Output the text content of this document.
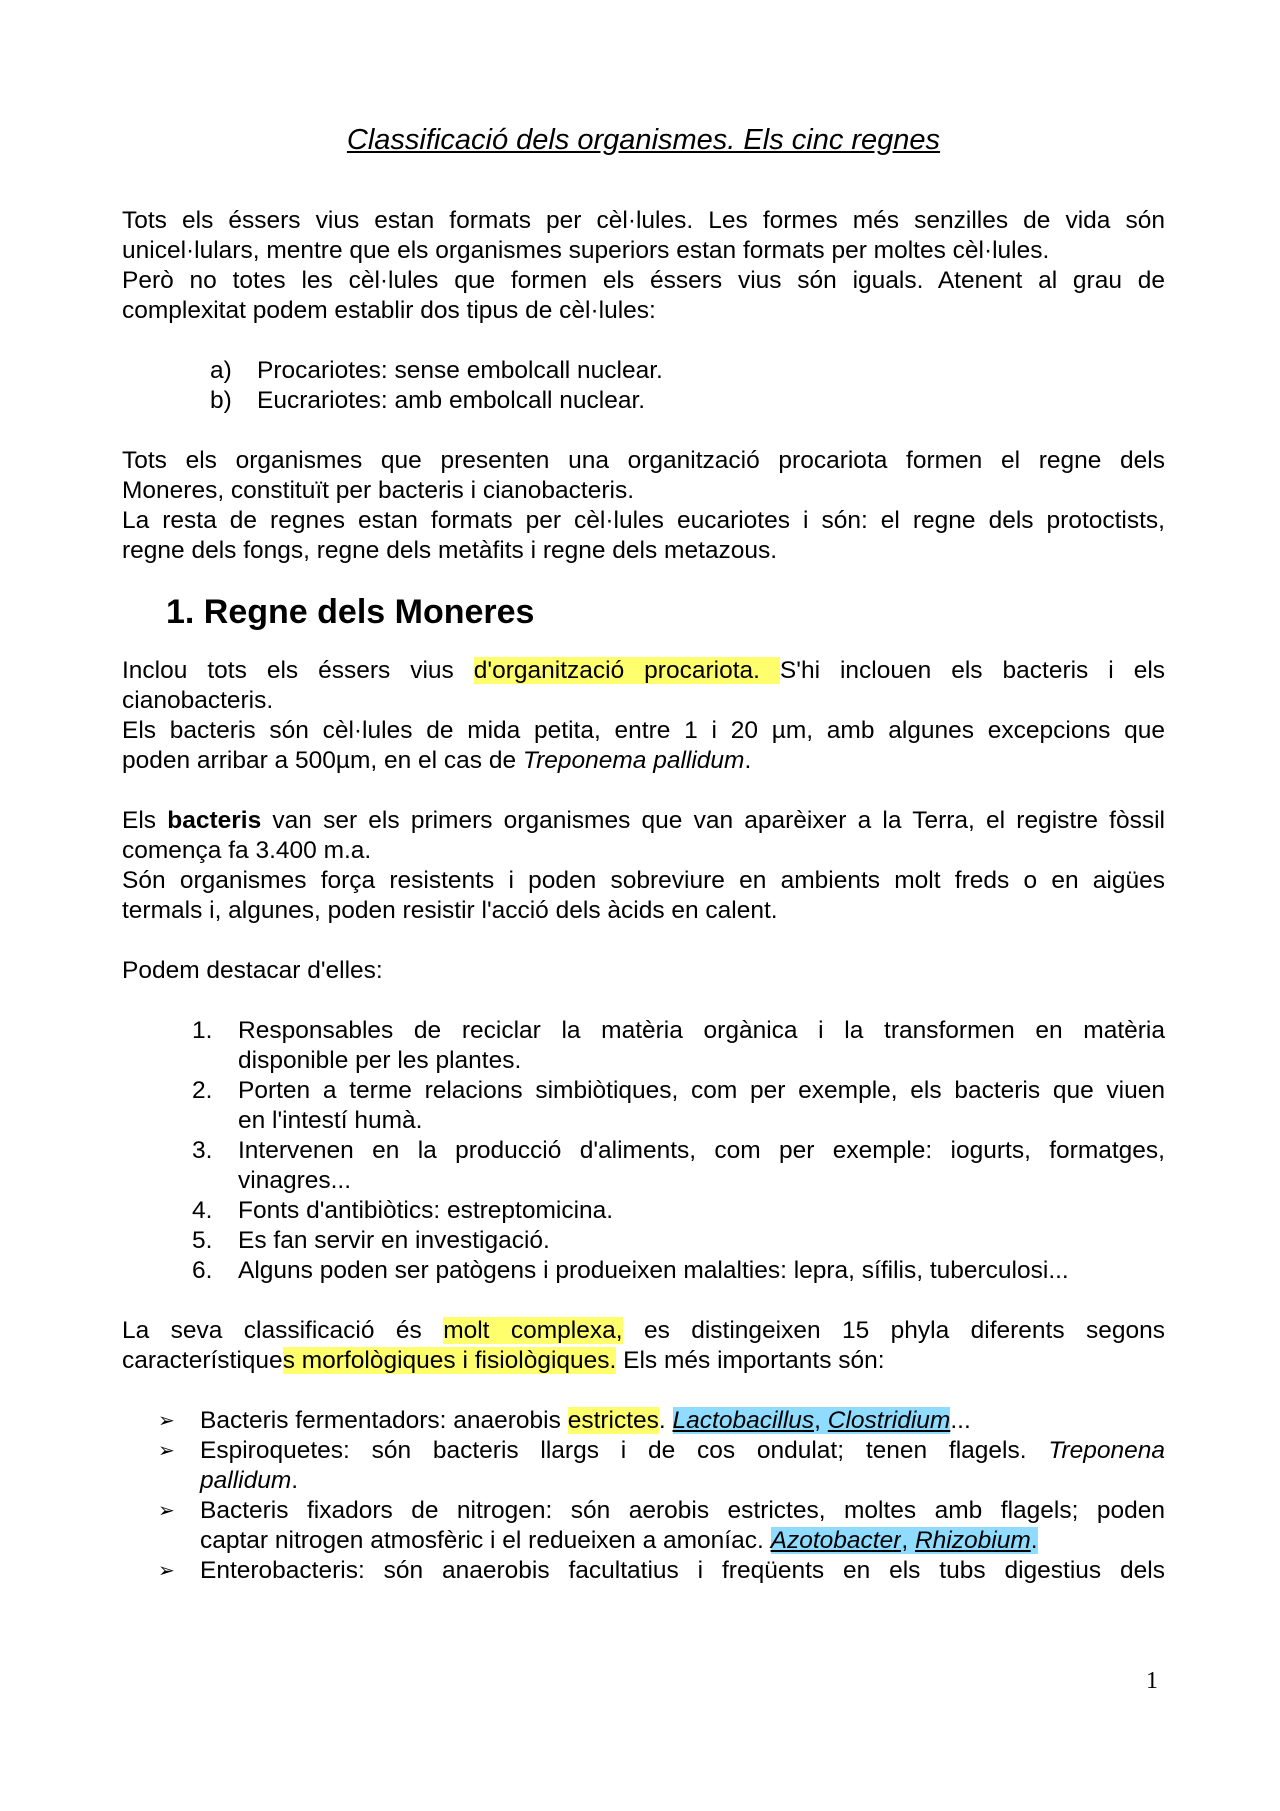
Classificació dels organismes. Els cinc regnes

Tots els éssers vius estan formats per cèl·lules. Les formes més senzilles de vida són

unicel·lulars, mentre que els organismes superiors estan formats per moltes cèl·lules.

Però no totes les cèl·lules que formen els éssers vius són iguals. Atenent al grau de

complexitat podem establir dos tipus de cèl·lules:

a) Procariotes: sense embolcall nuclear.
b) Eucrariotes: amb embolcall nuclear.

Tots els organismes que presenten una organització procariota formen el regne dels

Moneres, constituït per bacteris i cianobacteris.

La resta de regnes estan formats per cèl·lules eucariotes i són: el regne dels protoctists,

regne dels fongs, regne dels metàfits i regne dels metazous.

1. Regne dels Moneres

Inclou tots els éssers vius d'organització procariota. S'hi inclouen els bacteris i els

cianobacteris.

Els bacteris són cèl·lules de mida petita, entre 1 i 20 µm, amb algunes excepcions que

poden arribar a 500µm, en el cas de Treponema pallidum.

Els bacteris van ser els primers organismes que van aparèixer a la Terra, el registre fòssil

comença fa 3.400 m.a.

Són organismes força resistents i poden sobreviure en ambients molt freds o en aigües

termals i, algunes, poden resistir l'acció dels àcids en calent.

Podem destacar d'elles:

1. Responsables de reciclar la matèria orgànica i la transformen en matèria
disponible per les plantes.
2. Porten a terme relacions simbiòtiques, com per exemple, els bacteris que viuen
en l'intestí humà.
3. Intervenen en la producció d'aliments, com per exemple: iogurts, formatges,
vinagres...
4. Fonts d'antibiòtics: estreptomicina.
5. Es fan servir en investigació.
6. Alguns poden ser patògens i produeixen malalties: lepra, sífilis, tuberculosi...

La seva classificació és molt complexa, es distingeixen 15 phyla diferents segons

característiques morfològiques i fisiològiques. Els més importants són:

➢ Bacteris fermentadors: anaerobis estrictes. Lactobacillus, Clostridium...
➢ Espiroquetes: són bacteris llargs i de cos ondulat; tenen flagels. Treponena
pallidum.
➢ Bacteris fixadors de nitrogen: són aerobis estrictes, moltes amb flagels; poden
captar nitrogen atmosfèric i el redueixen a amoníac. Azotobacter, Rhizobium.
➢ Enterobacteris: són anaerobis facultatius i freqüents en els tubs digestius dels
1
